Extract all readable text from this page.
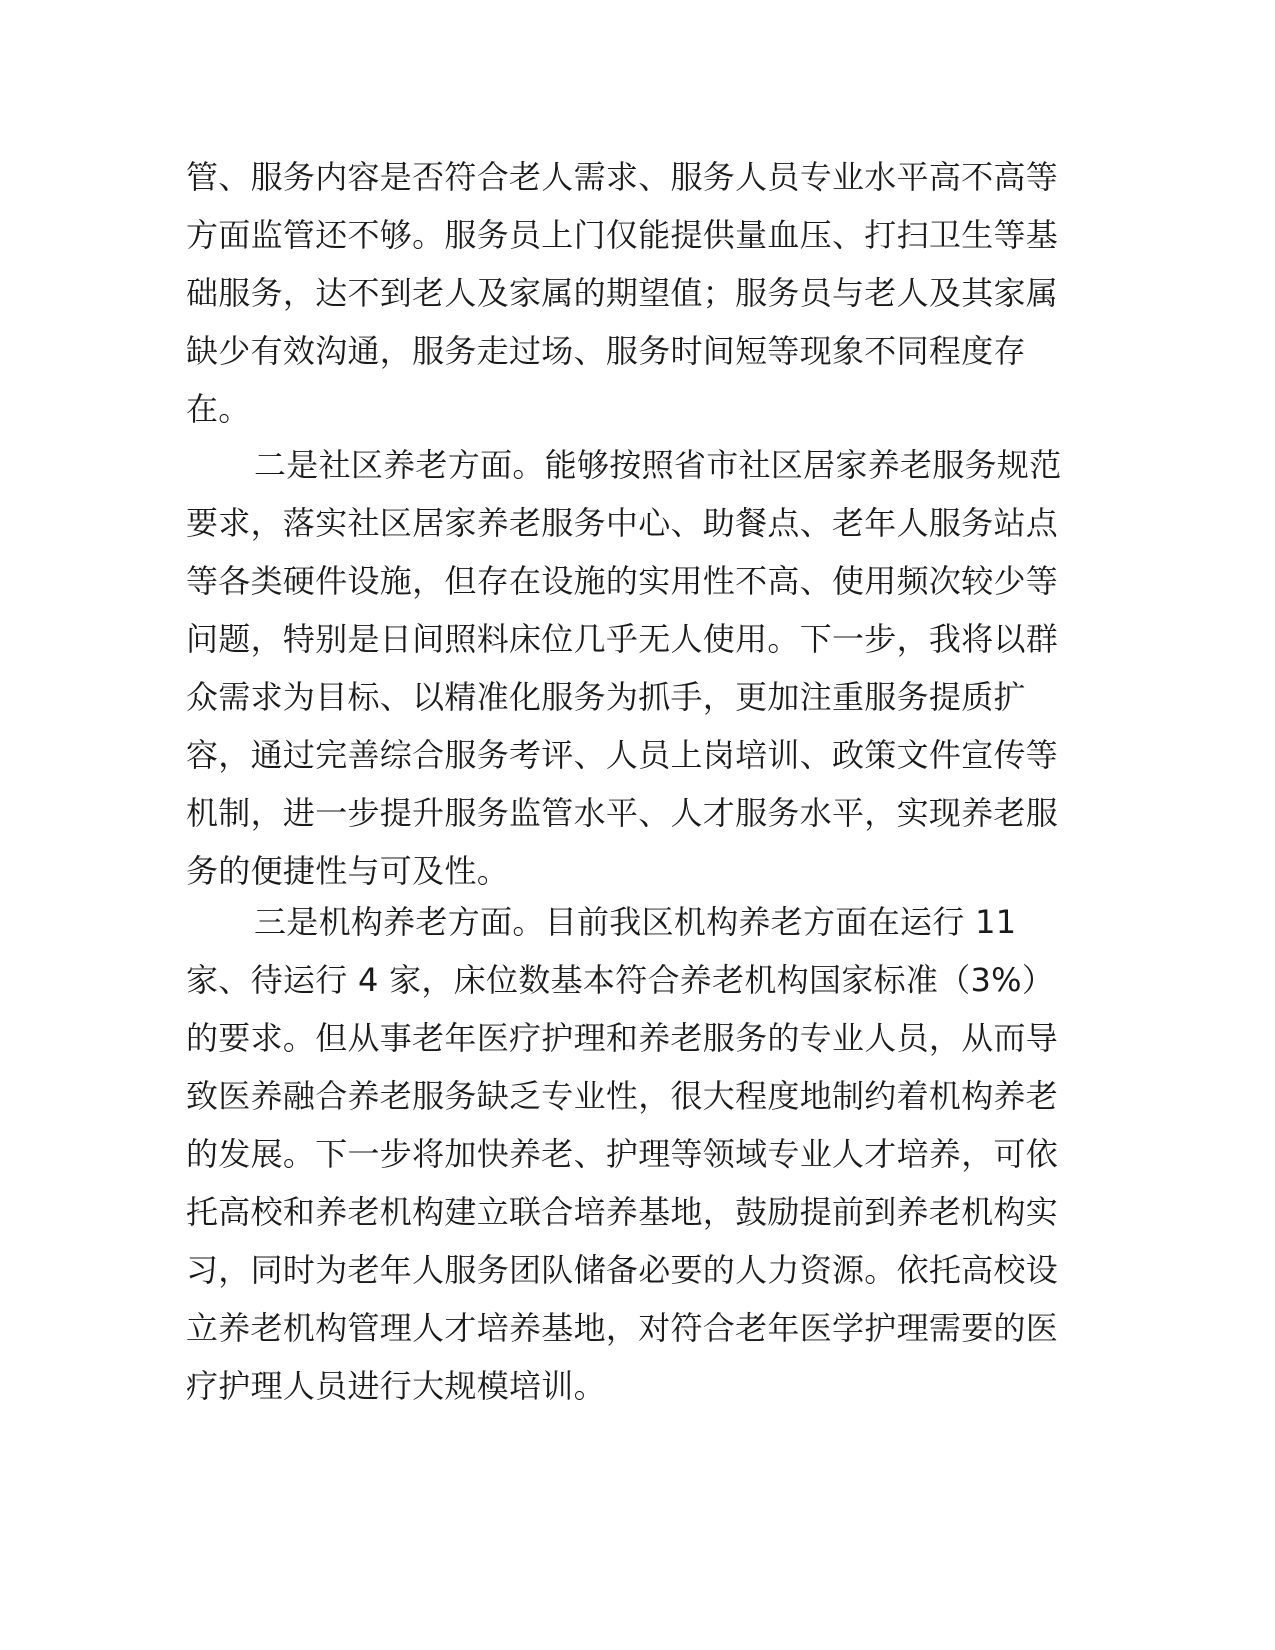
管、服务内容是否符合老人需求、服务人员专业水平高不高等
方面监管还不够。服务员上门仅能提供量血压、打扫卫生等基
础服务，达不到老人及家属的期望值；服务员与老人及其家属
缺少有效沟通，服务走过场、服务时间短等现象不同程度存
在。
二是社区养老方面。能够按照省市社区居家养老服务规范
要求，落实社区居家养老服务中心、助餐点、老年人服务站点
等各类硬件设施，但存在设施的实用性不高、使用频次较少等
问题，特别是日间照料床位几乎无人使用。下一步，我将以群
众需求为目标、以精准化服务为抓手，更加注重服务提质扩
容，通过完善综合服务考评、人员上岗培训、政策文件宣传等
机制，进一步提升服务监管水平、人才服务水平，实现养老服
务的便捷性与可及性。
三是机构养老方面。目前我区机构养老方面在运行 11
家、待运行 4 家，床位数基本符合养老机构国家标准（3%）
的要求。但从事老年医疗护理和养老服务的专业人员，从而导
致医养融合养老服务缺乏专业性，很大程度地制约着机构养老
的发展。下一步将加快养老、护理等领域专业人才培养，可依
托高校和养老机构建立联合培养基地，鼓励提前到养老机构实
习，同时为老年人服务团队储备必要的人力资源。依托高校设
立养老机构管理人才培养基地，对符合老年医学护理需要的医
疗护理人员进行大规模培训。
